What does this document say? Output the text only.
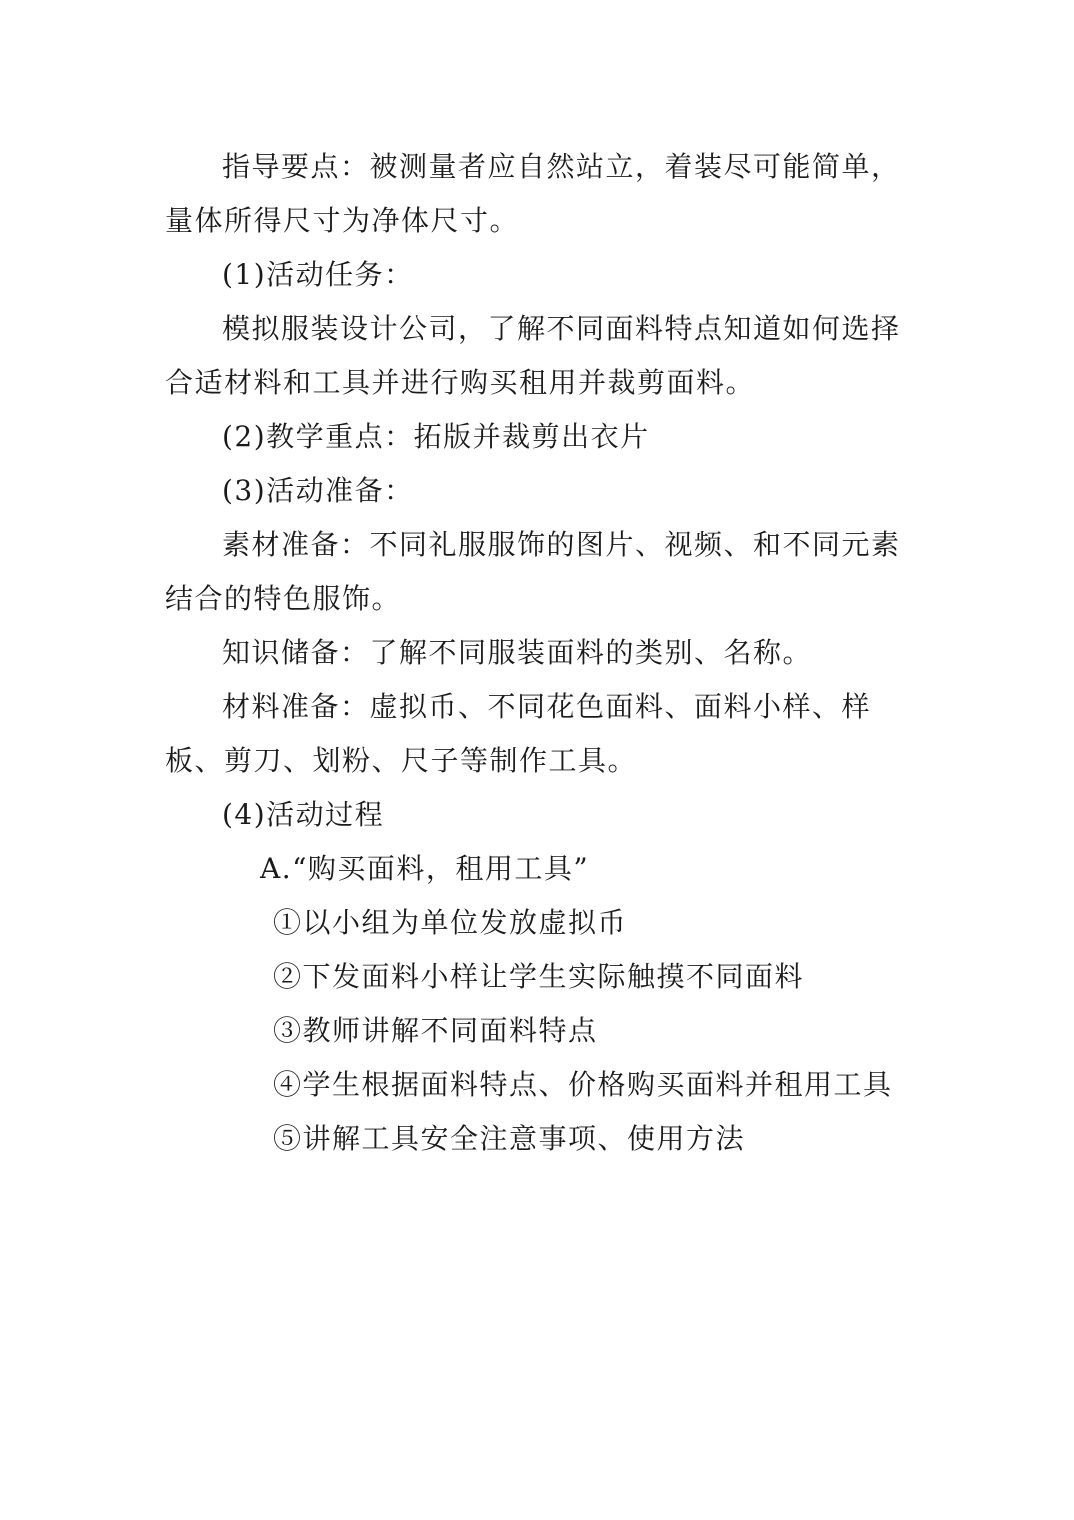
指导要点：被测量者应自然站立，着装尽可能简单，量体所得尺寸为净体尺寸。

(1)活动任务：

模拟服装设计公司，了解不同面料特点知道如何选择合适材料和工具并进行购买租用并裁剪面料。

(2)教学重点：拓版并裁剪出衣片

(3)活动准备：

素材准备：不同礼服服饰的图片、视频、和不同元素结合的特色服饰。

知识储备：了解不同服装面料的类别、名称。

材料准备：虚拟币、不同花色面料、面料小样、样板、剪刀、划粉、尺子等制作工具。

(4)活动过程

A.“购买面料，租用工具”

①以小组为单位发放虚拟币

②下发面料小样让学生实际触摸不同面料

③教师讲解不同面料特点

④学生根据面料特点、价格购买面料并租用工具

⑤讲解工具安全注意事项、使用方法
